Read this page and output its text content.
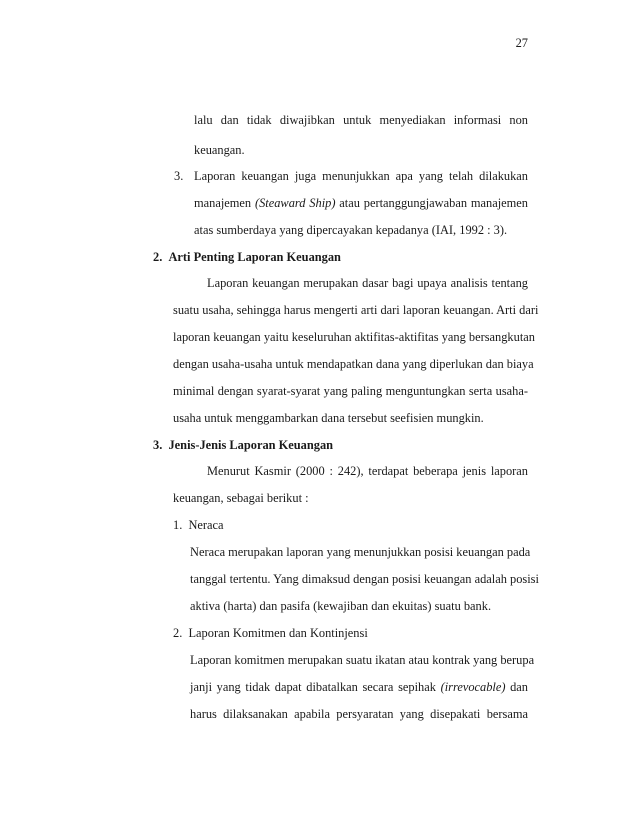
27
lalu dan tidak diwajibkan untuk menyediakan informasi non
keuangan.
3. Laporan keuangan juga menunjukkan apa yang telah dilakukan
manajemen (Steaward Ship) atau pertanggungjawaban manajemen
atas sumberdaya yang dipercayakan kepadanya (IAI, 1992 : 3).
2.  Arti Penting Laporan Keuangan
Laporan keuangan merupakan dasar bagi upaya analisis tentang
suatu usaha, sehingga harus mengerti arti dari laporan keuangan. Arti dari
laporan keuangan yaitu keseluruhan aktifitas-aktifitas yang bersangkutan
dengan usaha-usaha untuk mendapatkan dana yang diperlukan dan biaya
minimal dengan syarat-syarat yang paling menguntungkan serta usaha-
usaha untuk menggambarkan dana tersebut seefisien mungkin.
3.  Jenis-Jenis Laporan Keuangan
Menurut Kasmir (2000 : 242), terdapat beberapa jenis laporan
keuangan, sebagai berikut :
1.  Neraca
Neraca merupakan laporan yang menunjukkan posisi keuangan pada
tanggal tertentu. Yang dimaksud dengan posisi keuangan adalah posisi
aktiva (harta) dan pasifa (kewajiban dan ekuitas) suatu bank.
2.  Laporan Komitmen dan Kontinjensi
Laporan komitmen merupakan suatu ikatan atau kontrak yang berupa
janji yang tidak dapat dibatalkan secara sepihak (irrevocable) dan
harus dilaksanakan apabila persyaratan yang disepakati bersama
